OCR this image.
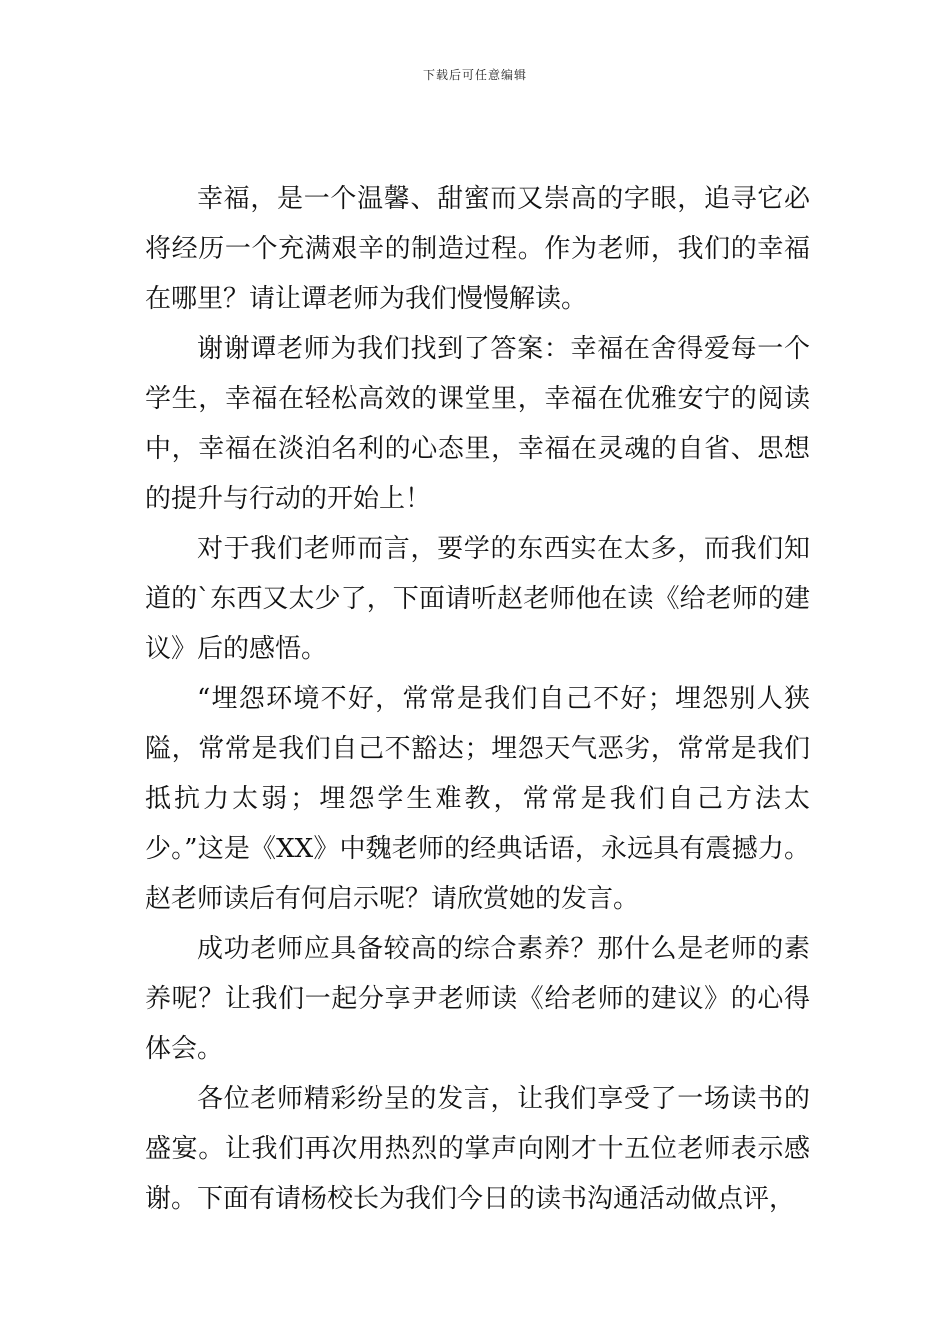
下载后可任意编辑

幸福，是一个温馨、甜蜜而又崇高的字眼，追寻它必将经历一个充满艰辛的制造过程。作为老师，我们的幸福在哪里？请让谭老师为我们慢慢解读。

谢谢谭老师为我们找到了答案：幸福在舍得爱每一个学生，幸福在轻松高效的课堂里，幸福在优雅安宁的阅读中，幸福在淡泊名利的心态里，幸福在灵魂的自省、思想的提升与行动的开始上！

对于我们老师而言，要学的东西实在太多，而我们知道的`东西又太少了，下面请听赵老师他在读《给老师的建议》后的感悟。

“埋怨环境不好，常常是我们自己不好；埋怨别人狭隘，常常是我们自己不豁达；埋怨天气恶劣，常常是我们抵抗力太弱；埋怨学生难教，常常是我们自己方法太少。”这是《XX》中魏老师的经典话语，永远具有震撼力。赵老师读后有何启示呢？请欣赏她的发言。

成功老师应具备较高的综合素养？那什么是老师的素养呢？让我们一起分享尹老师读《给老师的建议》的心得体会。

各位老师精彩纷呈的发言，让我们享受了一场读书的盛宴。让我们再次用热烈的掌声向刚才十五位老师表示感谢。下面有请杨校长为我们今日的读书沟通活动做点评，
